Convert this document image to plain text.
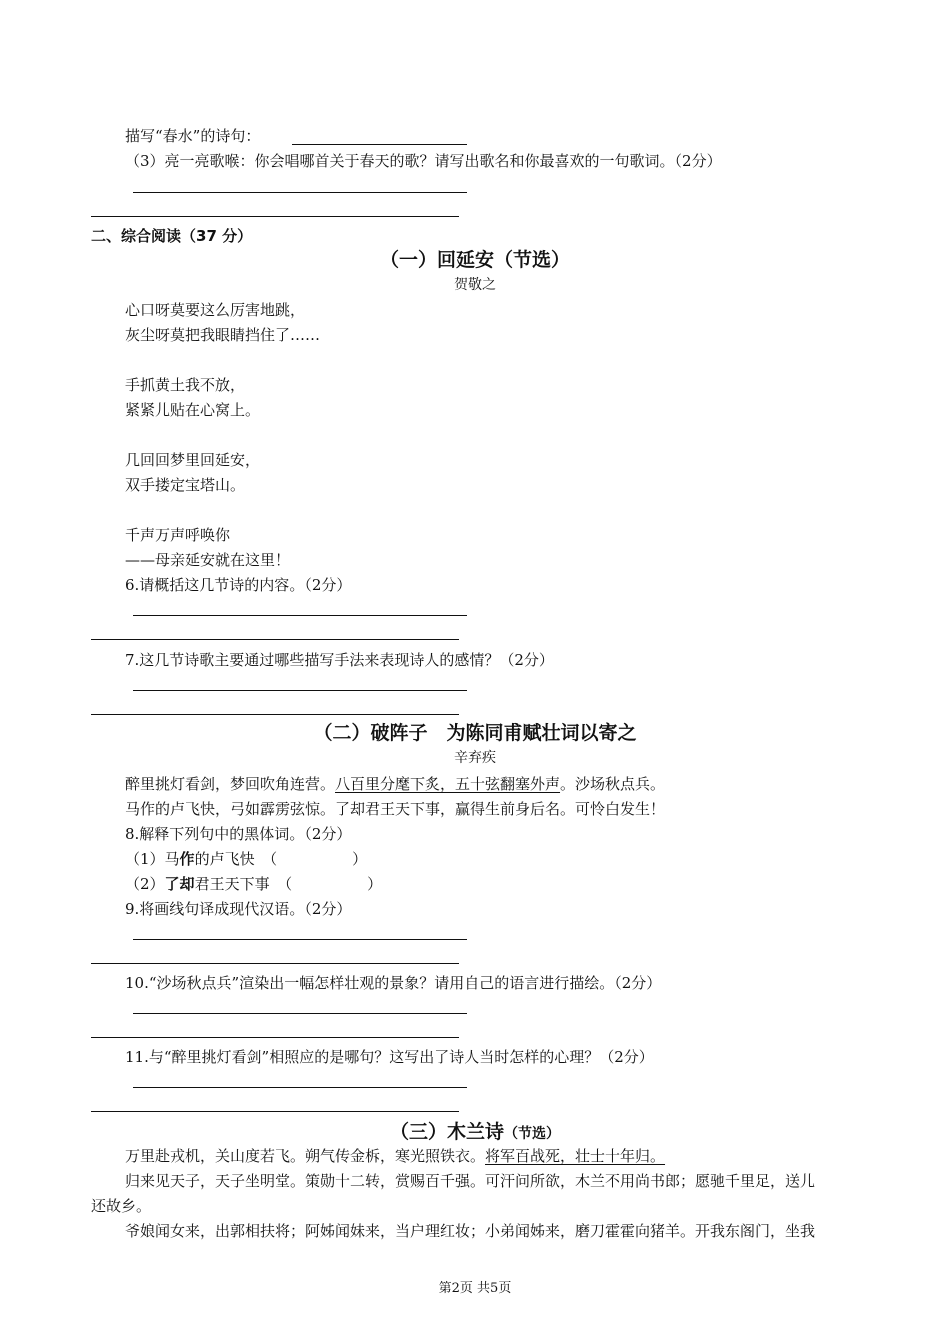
描写“春水”的诗句：
（3）亮一亮歌喉：你会唱哪首关于春天的歌？请写出歌名和你最喜欢的一句歌词。（2分）
二、综合阅读（37 分）
（一）回延安（节选）
贺敬之
心口呀莫要这么厉害地跳，
灰尘呀莫把我眼睛挡住了……
手抓黄土我不放，
紧紧儿贴在心窝上。
几回回梦里回延安，
双手搂定宝塔山。
千声万声呼唤你
——母亲延安就在这里！
6.请概括这几节诗的内容。（2分）
7.这几节诗歌主要通过哪些描写手法来表现诗人的感情？（2分）
（二）破阵子　为陈同甫赋壮词以寄之
辛弃疾
醉里挑灯看剑，梦回吹角连营。八百里分麾下炙，五十弦翻塞外声。沙场秋点兵。
马作的卢飞快，弓如霹雳弦惊。了却君王天下事，赢得生前身后名。可怜白发生！
8.解释下列句中的黑体词。（2分）
（1）马作的卢飞快　（　　　　　）
（2）了却君王天下事　（　　　　　）
9.将画线句译成现代汉语。（2分）
10.“沙场秋点兵”渲染出一幅怎样壮观的景象？请用自己的语言进行描绘。（2分）
11.与“醉里挑灯看剑”相照应的是哪句？这写出了诗人当时怎样的心理？（2分）
（三）木兰诗（节选）
万里赴戎机，关山度若飞。朔气传金柝，寒光照铁衣。将军百战死，壮士十年归。
归来见天子，天子坐明堂。策勋十二转，赏赐百千强。可汗问所欲，木兰不用尚书郎；愿驰千里足，送儿
还故乡。
爷娘闻女来，出郭相扶将；阿姊闻妹来，当户理红妆；小弟闻姊来，磨刀霍霍向猪羊。开我东阁门，坐我
第2页 共5页
